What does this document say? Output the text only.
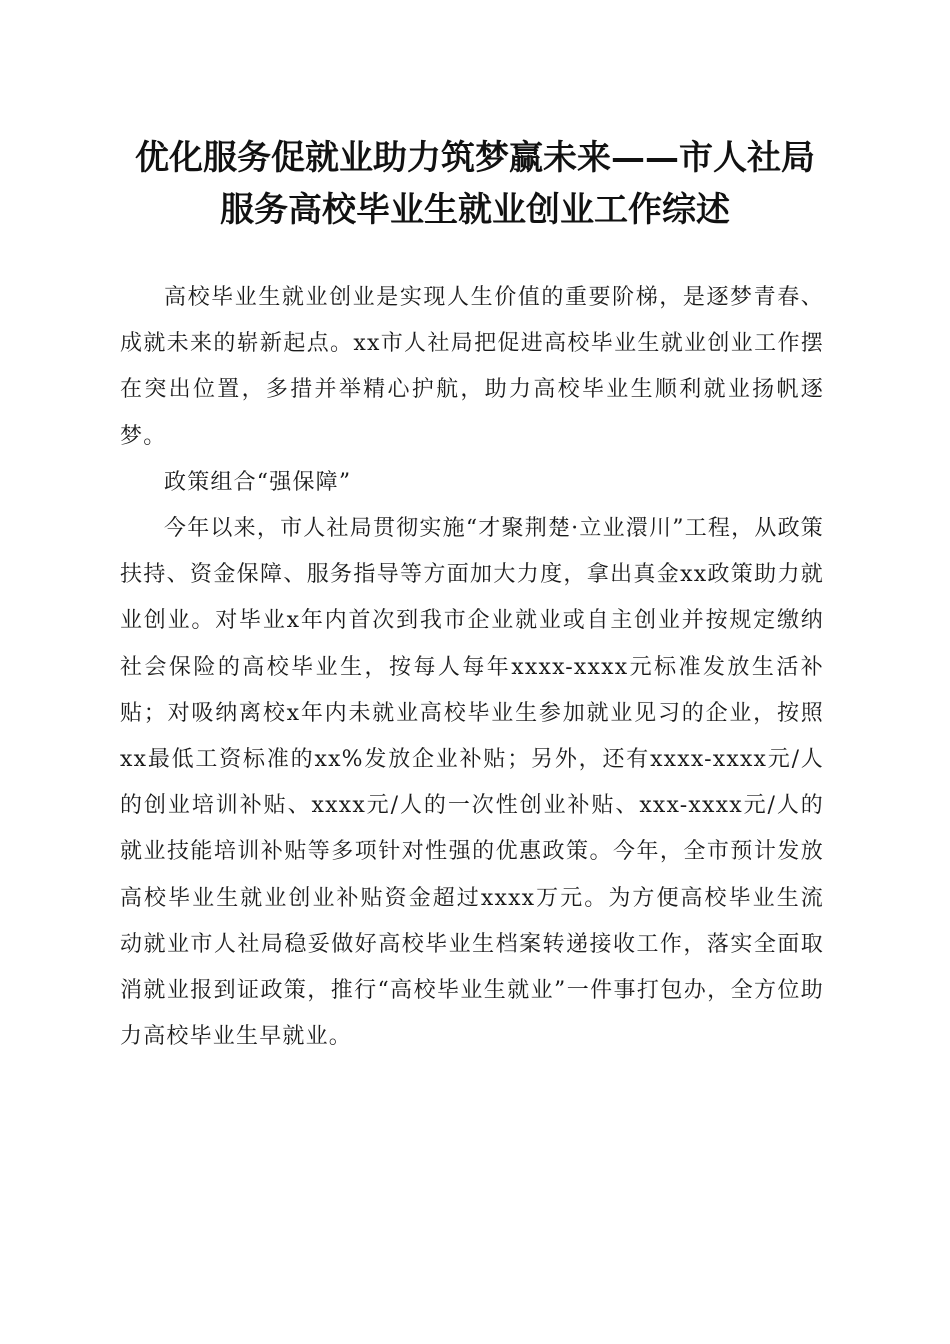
优化服务促就业助力筑梦赢未来——市人社局
服务高校毕业生就业创业工作综述

高校毕业生就业创业是实现人生价值的重要阶梯，是逐梦青春、成就未来的崭新起点。xx市人社局把促进高校毕业生就业创业工作摆在突出位置，多措并举精心护航，助力高校毕业生顺利就业扬帆逐梦。

政策组合“强保障”

今年以来，市人社局贯彻实施“才聚荆楚·立业澴川”工程，从政策扶持、资金保障、服务指导等方面加大力度，拿出真金xx政策助力就业创业。对毕业x年内首次到我市企业就业或自主创业并按规定缴纳社会保险的高校毕业生，按每人每年xxxx-xxxx元标准发放生活补贴；对吸纳离校x年内未就业高校毕业生参加就业见习的企业，按照xx最低工资标准的xx%发放企业补贴；另外，还有xxxx-xxxx元/人的创业培训补贴、xxxx元/人的一次性创业补贴、xxx-xxxx元/人的就业技能培训补贴等多项针对性强的优惠政策。今年，全市预计发放高校毕业生就业创业补贴资金超过xxxx万元。为方便高校毕业生流动就业市人社局稳妥做好高校毕业生档案转递接收工作，落实全面取消就业报到证政策，推行“高校毕业生就业”一件事打包办，全方位助力高校毕业生早就业。
